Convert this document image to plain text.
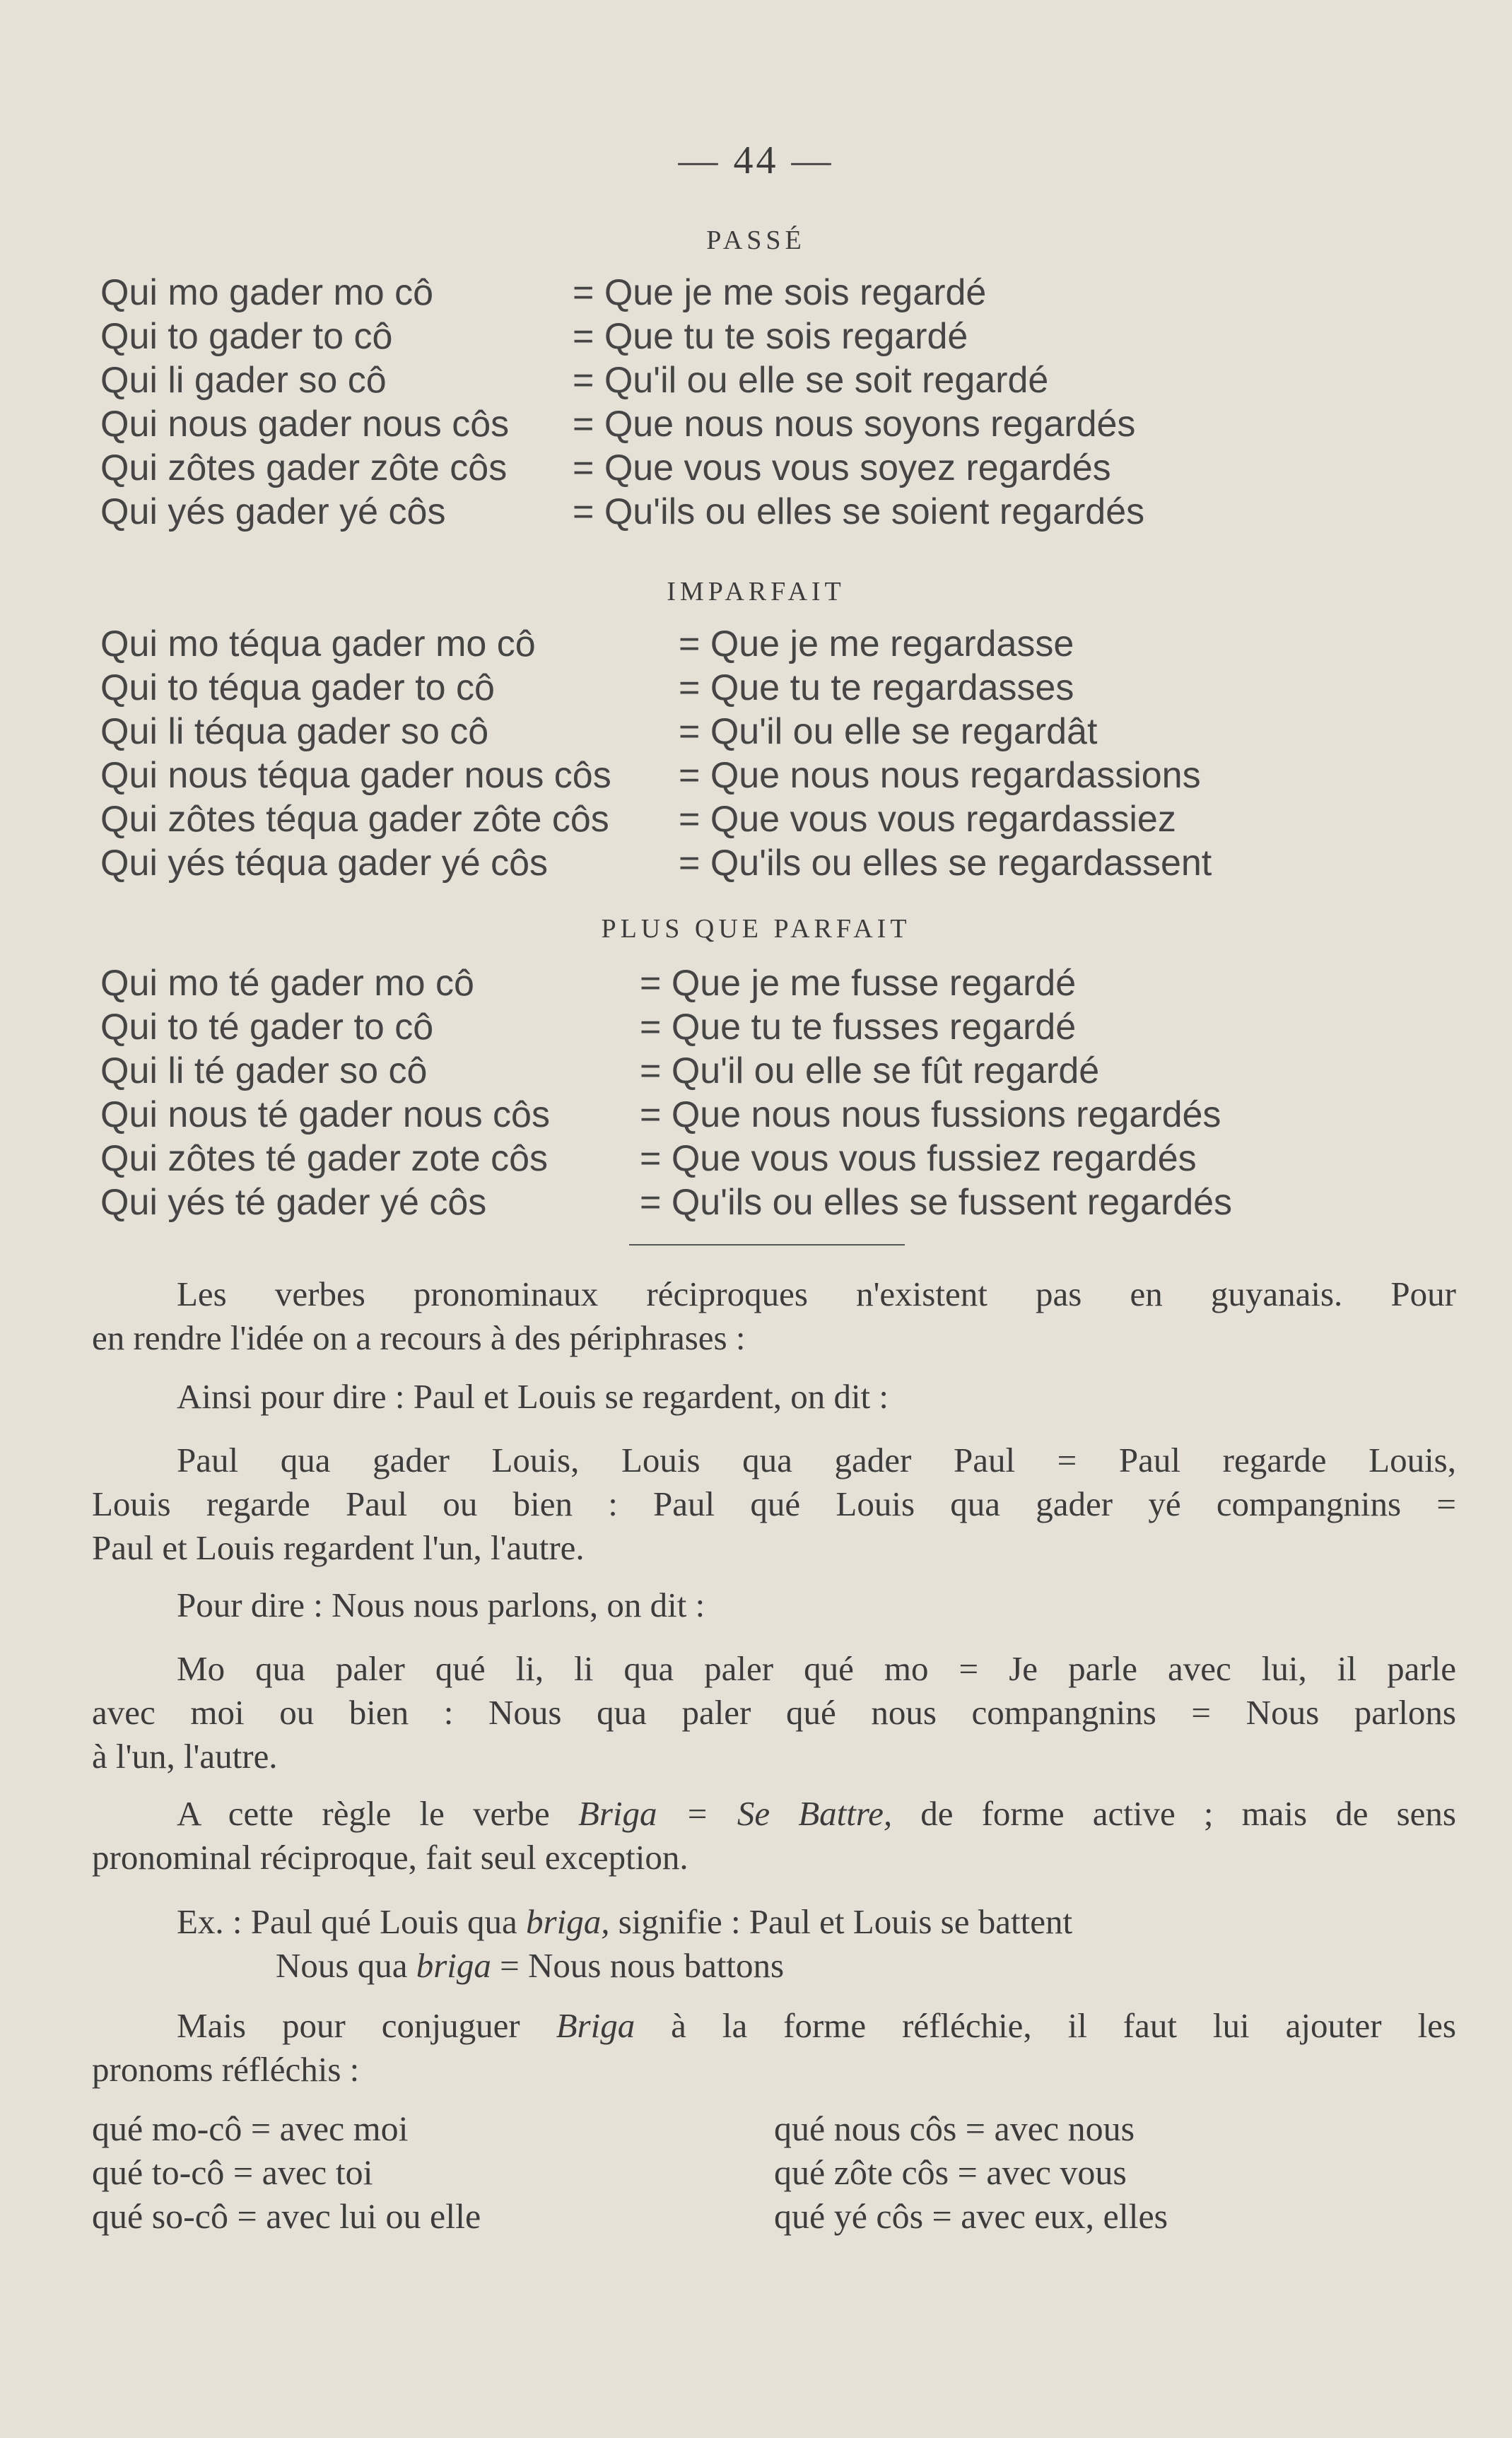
— 44 —
PASSÉ
Qui mo gader mo cô	= Que je me sois regardé
Qui to gader to cô	= Que tu te sois regardé
Qui li gader so cô	= Qu'il ou elle se soit regardé
Qui nous gader nous côs = Que nous nous soyons regardés
Qui zôtes gader zôte côs = Que vous vous soyez regardés
Qui yés gader yé côs	= Qu'ils ou elles se soient regardés
IMPARFAIT
Qui mo téqua gader mo cô	= Que je me regardasse
Qui to téqua gader to cô	= Que tu te regardasses
Qui li téqua gader so cô	= Qu'il ou elle se regardât
Qui nous téqua gader nous côs = Que nous nous regardassions
Qui zôtes téqua gader zôte côs = Que vous vous regardassiez
Qui yés téqua gader yé côs	= Qu'ils ou elles se regardassent
PLUS QUE PARFAIT
Qui mo té gader mo cô	= Que je me fusse regardé
Qui to té gader to cô	= Que tu te fusses regardé
Qui li té gader so cô	= Qu'il ou elle se fût regardé
Qui nous té gader nous côs = Que nous nous fussions regardés
Qui zôtes té gader zote côs = Que vous vous fussiez regardés
Qui yés té gader yé côs	= Qu'ils ou elles se fussent regardés
Les verbes pronominaux réciproques n'existent pas en guyanais. Pour
en rendre l'idée on a recours à des périphrases :
Ainsi pour dire : Paul et Louis se regardent, on dit :
Paul qua gader Louis, Louis qua gader Paul = Paul regarde Louis,
Louis regarde Paul ou bien : Paul qué Louis qua gader yé compangnins =
Paul et Louis regardent l'un, l'autre.
Pour dire : Nous nous parlons, on dit :
Mo qua paler qué li, li qua paler qué mo = Je parle avec lui, il parle
avec moi ou bien : Nous qua paler qué nous compangnins = Nous parlons
à l'un, l'autre.
A cette règle le verbe Briga = Se Battre, de forme active ; mais de sens
pronominal réciproque, fait seul exception.
Ex. : Paul qué Louis qua briga, signifie : Paul et Louis se battent
Nous qua briga = Nous nous battons
Mais pour conjuguer Briga à la forme réfléchie, il faut lui ajouter les
pronoms réfléchis :
qué mo-cô = avec moi
qué to-cô = avec toi
qué so-cô = avec lui ou elle
qué nous côs = avec nous
qué zôte côs = avec vous
qué yé côs = avec eux, elles
